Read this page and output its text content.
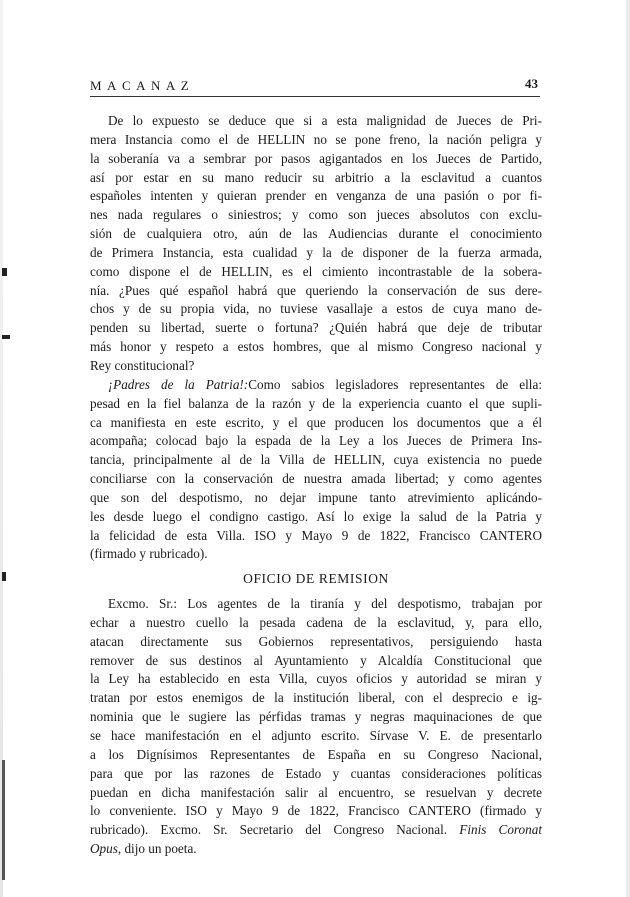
MACANAZ	43
De lo expuesto se deduce que si a esta malignidad de Jueces de Pri-
mera Instancia como el de HELLIN no se pone freno, la nación peligra y
la soberanía va a sembrar por pasos agigantados en los Jueces de Partido,
así por estar en su mano reducir su arbitrio a la esclavitud a cuantos
españoles intenten y quieran prender en venganza de una pasión o por fi-
nes nada regulares o siniestros; y como son jueces absolutos con exclu-
sión de cualquiera otro, aún de las Audiencias durante el conocimiento
de Primera Instancia, esta cualidad y la de disponer de la fuerza armada,
como dispone el de HELLIN, es el cimiento incontrastable de la sobera-
nía. ¿Pues qué español habrá que queriendo la conservación de sus dere-
chos y de su propia vida, no tuviese vasallaje a estos de cuya mano de-
penden su libertad, suerte o fortuna? ¿Quién habrá que deje de tributar
más honor y respeto a estos hombres, que al mismo Congreso nacional y
Rey constitucional?
¡Padres de la Patria!:Como sabios legisladores representantes de ella:
pesad en la fiel balanza de la razón y de la experiencia cuanto el que supli-
ca manifiesta en este escrito, y el que producen los documentos que a él
acompaña; colocad bajo la espada de la Ley a los Jueces de Primera Ins-
tancia, principalmente al de la Villa de HELLIN, cuya existencia no puede
conciliarse con la conservación de nuestra amada libertad; y como agentes
que son del despotismo, no dejar impune tanto atrevimiento aplicándo-
les desde luego el condigno castigo. Así lo exige la salud de la Patria y
la felicidad de esta Villa. ISO y Mayo 9 de 1822, Francisco CANTERO
(firmado y rubricado).
OFICIO DE REMISION
Excmo. Sr.: Los agentes de la tiranía y del despotismo, trabajan por
echar a nuestro cuello la pesada cadena de la esclavitud, y, para ello,
atacan directamente sus Gobiernos representativos, persiguiendo hasta
remover de sus destinos al Ayuntamiento y Alcaldía Constitucional que
la Ley ha establecido en esta Villa, cuyos oficios y autoridad se miran y
tratan por estos enemigos de la institución liberal, con el desprecio e ig-
nominia que le sugiere las pérfidas tramas y negras maquinaciones de que
se hace manifestación en el adjunto escrito. Sírvase V. E. de presentarlo
a los Dignísimos Representantes de España en su Congreso Nacional,
para que por las razones de Estado y cuantas consideraciones políticas
puedan en dicha manifestación salir al encuentro, se resuelvan y decrete
lo conveniente. ISO y Mayo 9 de 1822, Francisco CANTERO (firmado y
rubricado). Excmo. Sr. Secretario del Congreso Nacional. Finis Coronat
Opus, dijo un poeta.
